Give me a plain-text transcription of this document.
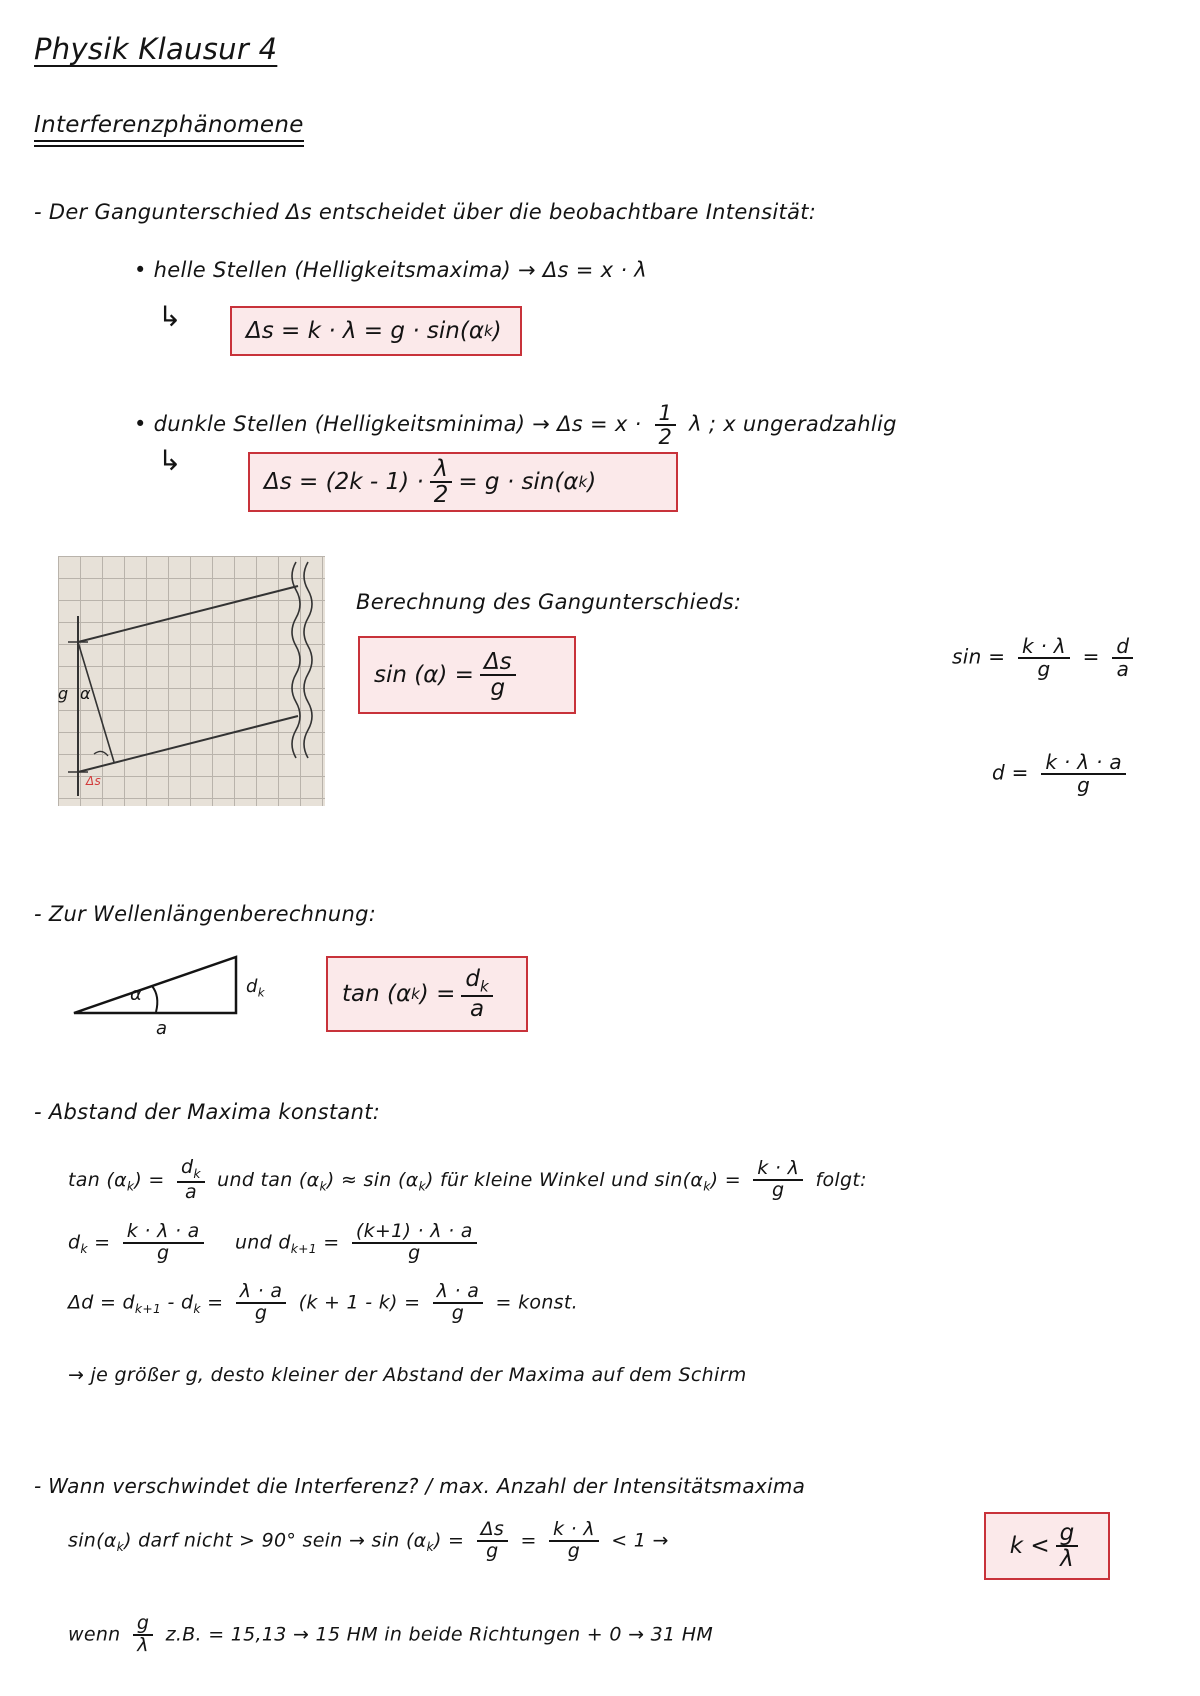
Physik Klausur 4
Interferenzphänomene
- Der Gangunterschied Δs entscheidet über die beobachtbare Intensität:
• helle Stellen (Helligkeitsmaxima) → Δs = x · λ
↳	Δs = k · λ = g · sin(α k )
• dunkle Stellen (Helligkeitsminima) → $\Delta s = x \cdot \frac{1}{2}$ λ ; x ungeradzahlig
↳
$\Delta s = (2k - 1) \cdot \frac{\lambda}{2} = g \cdot \sin(\alpha$ k )
g α
Δs
Berechnung des Gangunterschieds:
$\sin (\alpha) = \frac{\Delta s}{g}$	$\sin = \frac{k \cdot \lambda}{g} = \frac{d}{a}$
$d = \frac{k \cdot \lambda \cdot a}{g}$
- Zur Wellenlängenberechnung:
α	$d_k$
a
tan (α k ) = $\frac{d_k}{a}$
- Abstand der Maxima konstant:
$\tan (\alpha_k) = \frac{d_k}{a}$ und $\tan (\alpha_k) \approx \sin (\alpha_k)$ für kleine Winkel und $\sin(\alpha_k) = \frac{k \cdot \lambda}{g} folgt$:
$d_k = \frac{k \cdot \lambda \cdot a}{g}$ und $d_{k+1} = \frac{(k+1) \cdot \lambda \cdot a}{g}$
$\Delta d = d_{k+1} - d_k = \frac{\lambda \cdot a}{g} (k + 1 - k) = \frac{\lambda \cdot a}{g}$ = konst.
→ je größer g, desto kleiner der Abstand der Maxima auf dem Schirm
- Wann verschwindet die Interferenz? / max. Anzahl der Intensitätsmaxima
$\sin(\alpha_k)$ darf nicht > 90° sein → $\sin (\alpha_k) = \frac{\Delta s}{g} = \frac{k \cdot \lambda}{g} < 1$ →	$k < \frac{g}{\lambda}$
wenn $\frac{g}{\lambda} z.B$. = 15,13 → 15 HM in beide Richtungen + 0 → 31 HM
